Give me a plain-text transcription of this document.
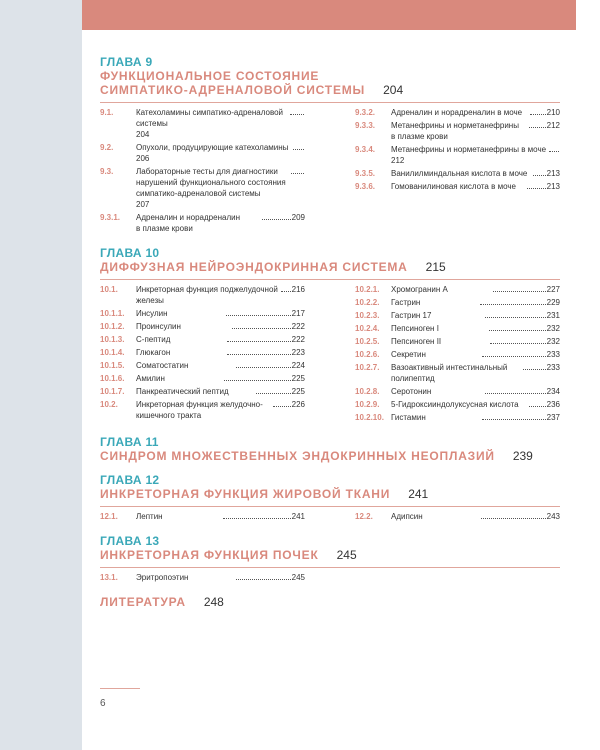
ГЛАВА 9
ФУНКЦИОНАЛЬНОЕ СОСТОЯНИЕ
СИМПАТИКО-АДРЕНАЛОВОЙ СИСТЕМЫ 204
9.1.	Катехоламины симпатико-адреналовой
системы
204
9.2.	Опухоли, продуцирующие катехоламины
206
9.3.	Лабораторные тесты для диагностики
нарушений функционального состояния
симпатико-адреналовой системы
207
9.3.1.	Адреналин и норадреналин
в плазме крови
209
9.3.2.	Адреналин и норадреналин в моче	210
9.3.3.	Метанефрины и норметанефрины
в плазме крови
212
9.3.4.	Метанефрины и норметанефрины в моче
212
9.3.5.	Ванилилминдальная кислота в моче	213
9.3.6.	Гомованилиновая кислота в моче	213
ГЛАВА 10
ДИФФУЗНАЯ НЕЙРОЭНДОКРИННАЯ СИСТЕМА 215
10.1.	Инкреторная функция поджелудочной
железы
216
10.1.1.	Инсулин	217
10.1.2.	Проинсулин	222
10.1.3.	С-пептид	222
10.1.4.	Глюкагон	223
10.1.5.	Соматостатин	224
10.1.6.	Амилин	225
10.1.7.	Панкреатический пептид	225
10.2.	Инкреторная функция желудочно-
кишечного тракта
226
10.2.1.	Хромогранин А	227
10.2.2.	Гастрин	229
10.2.3.	Гастрин 17	231
10.2.4.	Пепсиноген I	232
10.2.5.	Пепсиноген II	232
10.2.6.	Секретин	233
10.2.7.	Вазоактивный интестинальный
полипептид
233
10.2.8.	Серотонин	234
10.2.9.	5-Гидроксииндолуксусная кислота	236
10.2.10. Гистамин	237
ГЛАВА 11
СИНДРОМ МНОЖЕСТВЕННЫХ ЭНДОКРИННЫХ НЕОПЛАЗИЙ 239
ГЛАВА 12
ИНКРЕТОРНАЯ ФУНКЦИЯ ЖИРОВОЙ ТКАНИ 241
12.1.	Лептин	241	12.2.	Адипсин	243
ГЛАВА 13
ИНКРЕТОРНАЯ ФУНКЦИЯ ПОЧЕК 245
13.1.	Эритропоэтин	245
ЛИТЕРАТУРА 248
6
